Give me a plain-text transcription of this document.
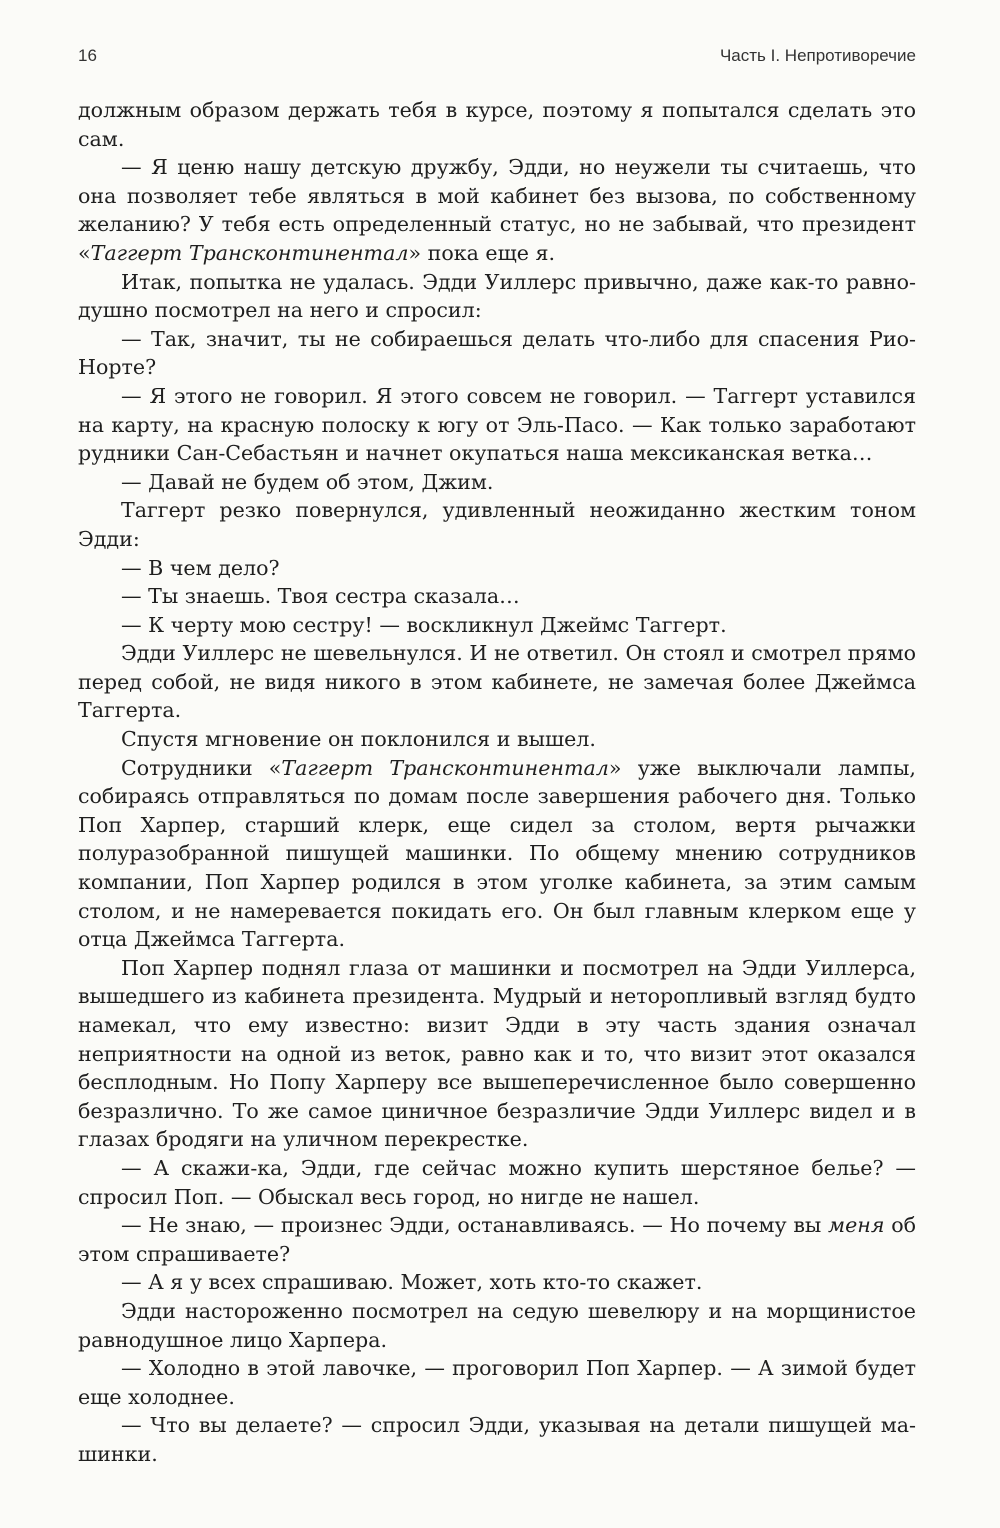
16	Часть I. Непротиворечие

должным образом держать тебя в курсе, поэтому я попытался сделать это сам.

— Я ценю нашу детскую дружбу, Эдди, но неужели ты считаешь, что она позволяет тебе являться в мой кабинет без вызова, по собственному желанию? У тебя есть определенный статус, но не забывай, что президент «Таггерт Трансконтинентал» пока еще я.

Итак, попытка не удалась. Эдди Уиллерс привычно, даже как-то равнодушно посмотрел на него и спросил:

— Так, значит, ты не собираешься делать что-либо для спасения Рио-Норте?

— Я этого не говорил. Я этого совсем не говорил. — Таггерт уставился на карту, на красную полоску к югу от Эль-Пасо. — Как только заработают рудники Сан-Себастьян и начнет окупаться наша мексиканская ветка…

— Давай не будем об этом, Джим.

Таггерт резко повернулся, удивленный неожиданно жестким тоном Эдди:

— В чем дело?

— Ты знаешь. Твоя сестра сказала…

— К черту мою сестру! — воскликнул Джеймс Таггерт.

Эдди Уиллерс не шевельнулся. И не ответил. Он стоял и смотрел прямо перед собой, не видя никого в этом кабинете, не замечая более Джеймса Таггерта.

Спустя мгновение он поклонился и вышел.

Сотрудники «Таггерт Трансконтинентал» уже выключали лампы, собираясь отправляться по домам после завершения рабочего дня. Только Поп Харпер, старший клерк, еще сидел за столом, вертя рычажки полуразобранной пишущей машинки. По общему мнению сотрудников компании, Поп Харпер родился в этом уголке кабинета, за этим самым столом, и не намеревается покидать его. Он был главным клерком еще у отца Джеймса Таггерта.

Поп Харпер поднял глаза от машинки и посмотрел на Эдди Уиллерса, вышедшего из кабинета президента. Мудрый и неторопливый взгляд будто намекал, что ему известно: визит Эдди в эту часть здания означал неприятности на одной из веток, равно как и то, что визит этот оказался бесплодным. Но Попу Харперу все вышеперечисленное было совершенно безразлично. То же самое циничное безразличие Эдди Уиллерс видел и в глазах бродяги на уличном перекрестке.

— А скажи-ка, Эдди, где сейчас можно купить шерстяное белье? — спросил Поп. — Обыскал весь город, но нигде не нашел.

— Не знаю, — произнес Эдди, останавливаясь. — Но почему вы меня об этом спрашиваете?

— А я у всех спрашиваю. Может, хоть кто-то скажет.

Эдди настороженно посмотрел на седую шевелюру и на морщинистое равнодушное лицо Харпера.

— Холодно в этой лавочке, — проговорил Поп Харпер. — А зимой будет еще холоднее.

— Что вы делаете? — спросил Эдди, указывая на детали пишущей машинки.
